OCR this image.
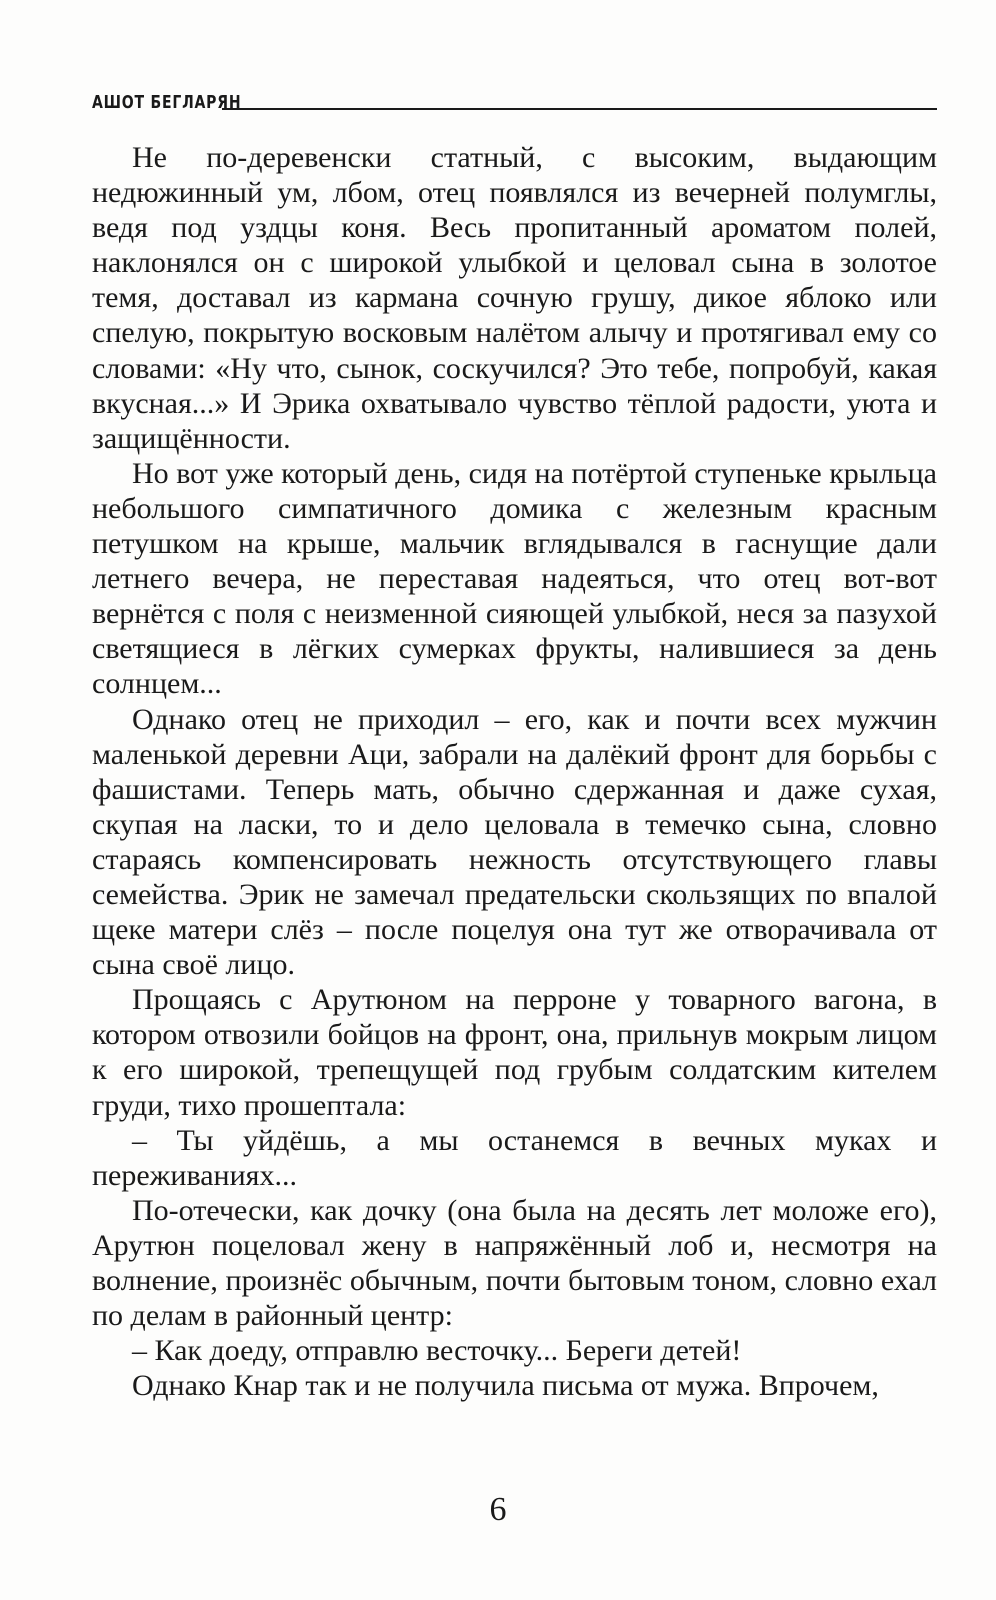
АШОТ БЕГЛАРЯН

Не по-деревенски статный, с высоким, выдающим недюжинный ум, лбом, отец появлялся из вечерней полумглы, ведя под уздцы коня. Весь пропитанный ароматом полей, наклонялся он с широкой улыбкой и целовал сына в золотое темя, доставал из кармана сочную грушу, дикое яблоко или спелую, покрытую восковым налётом алычу и протягивал ему со словами: «Ну что, сынок, соскучился? Это тебе, попробуй, какая вкусная...» И Эрика охватывало чувство тёплой радости, уюта и защищённости.

Но вот уже который день, сидя на потёртой ступеньке крыльца небольшого симпатичного домика с железным красным петушком на крыше, мальчик вглядывался в гаснущие дали летнего вечера, не переставая надеяться, что отец вот-вот вернётся с поля с неизменной сияющей улыбкой, неся за пазухой светящиеся в лёгких сумерках фрукты, налившиеся за день солнцем...

Однако отец не приходил – его, как и почти всех мужчин маленькой деревни Аци, забрали на далёкий фронт для борьбы с фашистами. Теперь мать, обычно сдержанная и даже сухая, скупая на ласки, то и дело целовала в темечко сына, словно стараясь компенсировать нежность отсутствующего главы семейства. Эрик не замечал предательски скользящих по впалой щеке матери слёз – после поцелуя она тут же отворачивала от сына своё лицо.

Прощаясь с Арутюном на перроне у товарного вагона, в котором отвозили бойцов на фронт, она, прильнув мокрым лицом к его широкой, трепещущей под грубым солдатским кителем груди, тихо прошептала:

– Ты уйдёшь, а мы останемся в вечных муках и переживаниях...

По-отечески, как дочку (она была на десять лет моложе его), Арутюн поцеловал жену в напряжённый лоб и, несмотря на волнение, произнёс обычным, почти бытовым тоном, словно ехал по делам в районный центр:

– Как доеду, отправлю весточку... Береги детей!

Однако Кнар так и не получила письма от мужа. Впрочем,

6
